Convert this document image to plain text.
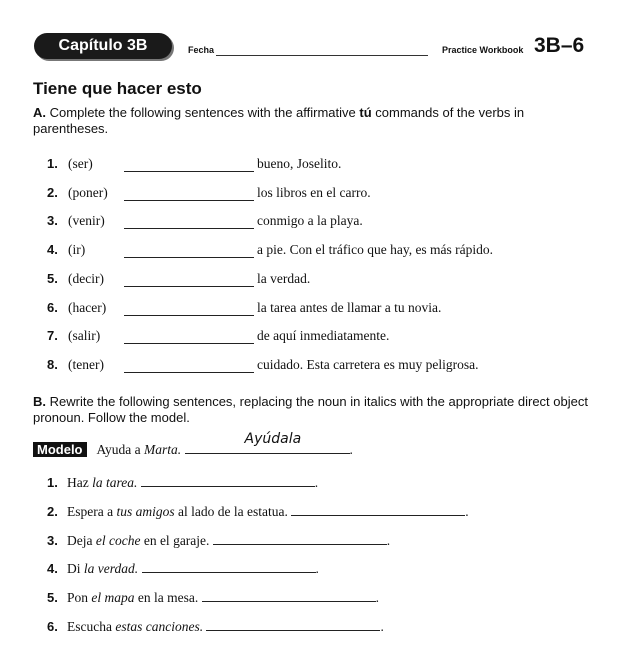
Capítulo 3B	Fecha	Practice Workbook 3B–6
Tiene que hacer esto
A. Complete the following sentences with the affirmative tú commands of the verbs in parentheses.
1. (ser)	bueno, Joselito.
2. (poner)	los libros en el carro.
3. (venir)	conmigo a la playa.
4. (ir)	a pie. Con el tráfico que hay, es más rápido.
5. (decir)	la verdad.
6. (hacer)	la tarea antes de llamar a tu novia.
7. (salir)	de aquí inmediatamente.
8. (tener)	cuidado. Esta carretera es muy peligrosa.
B. Rewrite the following sentences, replacing the noun in italics with the appropriate direct object pronoun. Follow the model.
Modelo Ayuda a Marta.
Ayúdala
.
1. Haz la tarea.	.
2. Espera a tus amigos al lado de la estatua.	.
3. Deja el coche en el garaje.	.
4. Di la verdad.	.
5. Pon el mapa en la mesa.	.
6. Escucha estas canciones.	.
